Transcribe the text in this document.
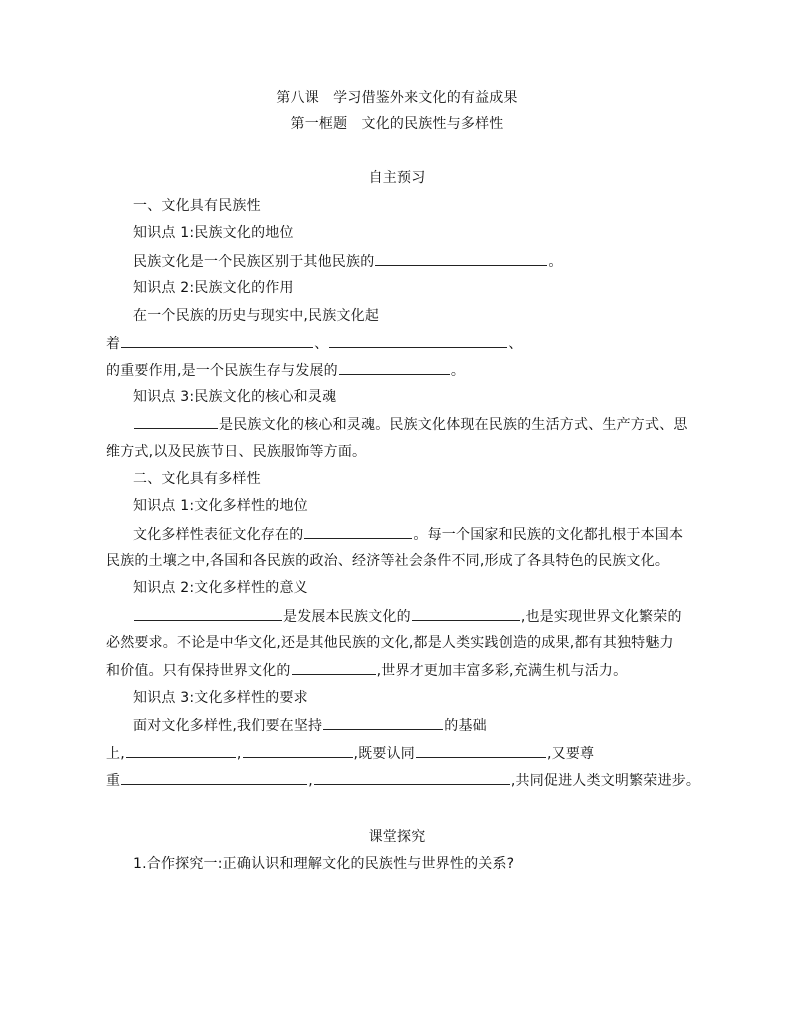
第八课　学习借鉴外来文化的有益成果
第一框题　文化的民族性与多样性
自主预习
一、文化具有民族性
知识点 1:民族文化的地位
民族文化是一个民族区别于其他民族的	。
知识点 2:民族文化的作用
在一个民族的历史与现实中,民族文化起
着	、	、
的重要作用,是一个民族生存与发展的	。
知识点 3:民族文化的核心和灵魂
是民族文化的核心和灵魂。民族文化体现在民族的生活方式、生产方式、思
维方式,以及民族节日、民族服饰等方面。
二、文化具有多样性
知识点 1:文化多样性的地位
文化多样性表征文化存在的	。每一个国家和民族的文化都扎根于本国本
民族的土壤之中,各国和各民族的政治、经济等社会条件不同,形成了各具特色的民族文化。
知识点 2:文化多样性的意义
是发展本民族文化的	,也是实现世界文化繁荣的
必然要求。不论是中华文化,还是其他民族的文化,都是人类实践创造的成果,都有其独特魅力
和价值。只有保持世界文化的	,世界才更加丰富多彩,充满生机与活力。
知识点 3:文化多样性的要求
面对文化多样性,我们要在坚持	的基础
上,	,	,既要认同	,又要尊
重	,	,共同促进人类文明繁荣进步。
课堂探究
1.合作探究一:正确认识和理解文化的民族性与世界性的关系?
